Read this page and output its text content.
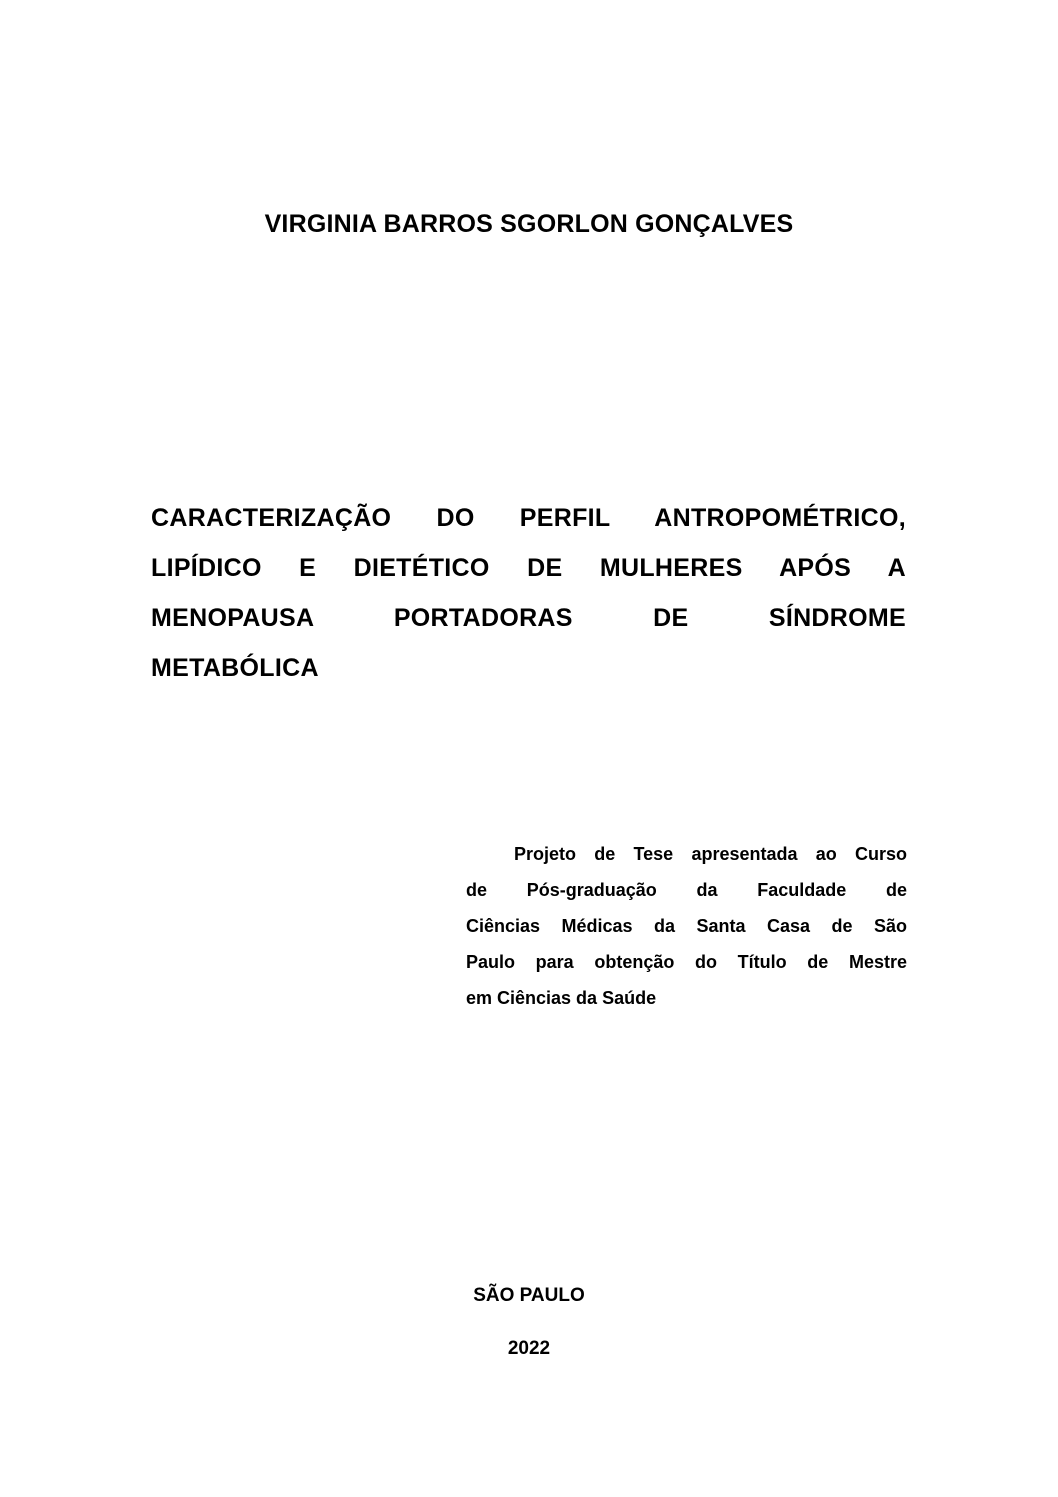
VIRGINIA BARROS SGORLON GONÇALVES
CARACTERIZAÇÃO DO PERFIL ANTROPOMÉTRICO,
LIPÍDICO E DIETÉTICO DE MULHERES APÓS A
MENOPAUSA PORTADORAS DE SÍNDROME
METABÓLICA
Projeto de Tese apresentada ao Curso
de Pós-graduação da Faculdade de
Ciências Médicas da Santa Casa de São
Paulo para obtenção do Título de Mestre
em Ciências da Saúde
SÃO PAULO
2022
